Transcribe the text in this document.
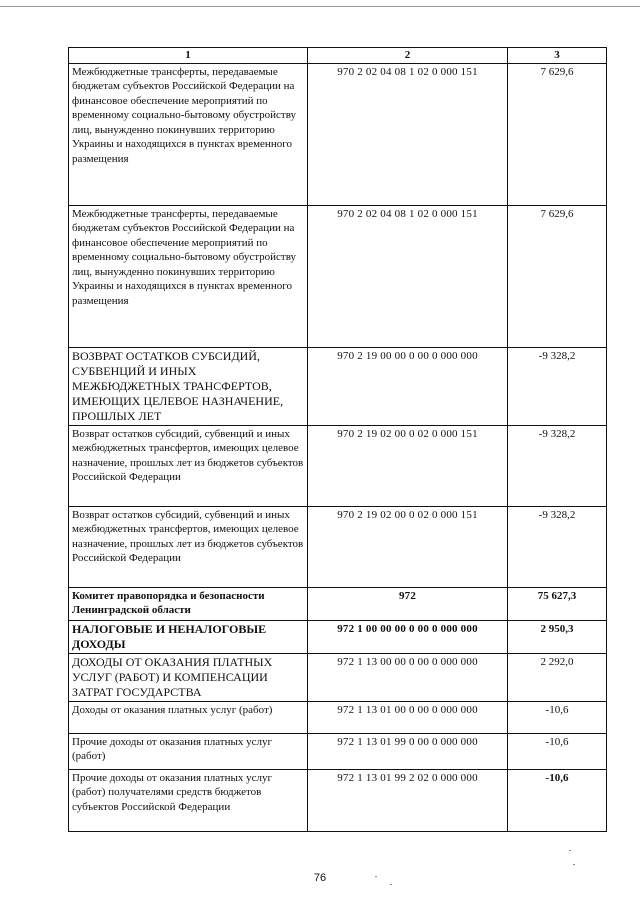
1	2	3
Межбюджетные трансферты, передаваемые бюджетам субъектов Российской Федерации на финансовое обеспечение мероприятий по временному социально-бытовому обустройству лиц, вынужденно покинувших территорию Украины и находящихся в пунктах временного размещения	970 2 02 04 08 1 02 0 000 151	7 629,6
Межбюджетные трансферты, передаваемые бюджетам субъектов Российской Федерации на финансовое обеспечение мероприятий по временному социально-бытовому обустройству лиц, вынужденно покинувших территорию Украины и находящихся в пунктах временного размещения	970 2 02 04 08 1 02 0 000 151	7 629,6
ВОЗВРАТ ОСТАТКОВ СУБСИДИЙ, СУБВЕНЦИЙ И ИНЫХ МЕЖБЮДЖЕТНЫХ ТРАНСФЕРТОВ, ИМЕЮЩИХ ЦЕЛЕВОЕ НАЗНАЧЕНИЕ, ПРОШЛЫХ ЛЕТ	970 2 19 00 00 0 00 0 000 000	-9 328,2
Возврат остатков субсидий, субвенций и иных межбюджетных трансфертов, имеющих целевое назначение, прошлых лет из бюджетов субъектов Российской Федерации	970 2 19 02 00 0 02 0 000 151	-9 328,2
Возврат остатков субсидий, субвенций и иных межбюджетных трансфертов, имеющих целевое назначение, прошлых лет из бюджетов субъектов Российской Федерации	970 2 19 02 00 0 02 0 000 151	-9 328,2
Комитет правопорядка и безопасности Ленинградской области	972	75 627,3
НАЛОГОВЫЕ И НЕНАЛОГОВЫЕ ДОХОДЫ	972 1 00 00 00 0 00 0 000 000	2 950,3
ДОХОДЫ ОТ ОКАЗАНИЯ ПЛАТНЫХ УСЛУГ (РАБОТ) И КОМПЕНСАЦИИ ЗАТРАТ ГОСУДАРСТВА	972 1 13 00 00 0 00 0 000 000	2 292,0
Доходы от оказания платных услуг (работ)	972 1 13 01 00 0 00 0 000 000	-10,6
Прочие доходы от оказания платных услуг (работ)	972 1 13 01 99 0 00 0 000 000	-10,6
Прочие доходы от оказания платных услуг (работ) получателями средств бюджетов субъектов Российской Федерации	972 1 13 01 99 2 02 0 000 000	-10,6
76
